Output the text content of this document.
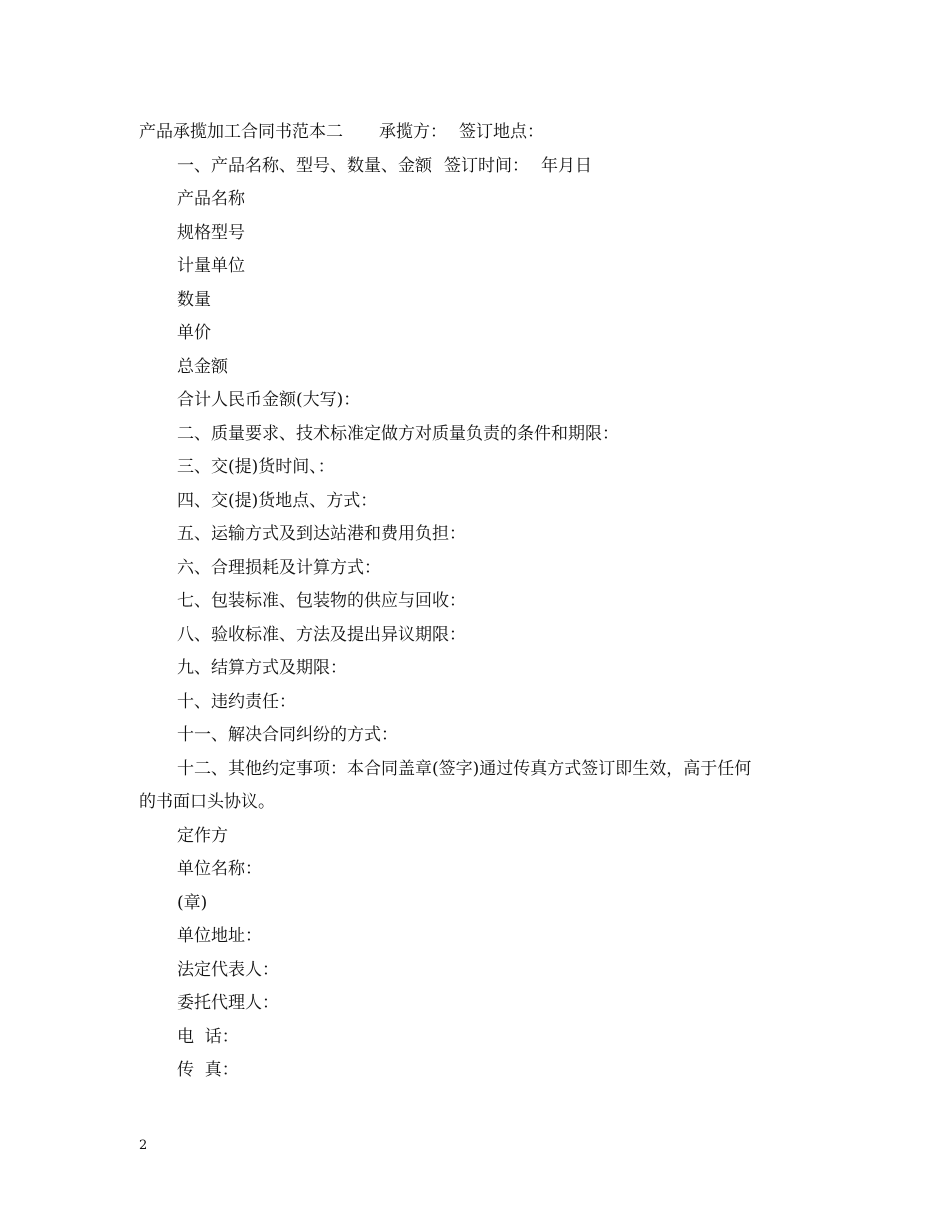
产品承揽加工合同书范本二 承揽方： 签订地点：
一、产品名称、型号、数量、金额 签订时间： 年月日
产品名称
规格型号
计量单位
数量
单价
总金额
合计人民币金额(大写)：
二、质量要求、技术标准定做方对质量负责的条件和期限：
三、交(提)货时间、：
四、交(提)货地点、方式：
五、运输方式及到达站港和费用负担：
六、合理损耗及计算方式：
七、包装标准、包装物的供应与回收：
八、验收标准、方法及提出异议期限：
九、结算方式及期限：
十、违约责任：
十一、解决合同纠纷的方式：
十二、其他约定事项：本合同盖章(签字)通过传真方式签订即生效，高于任何
的书面口头协议。
定作方
单位名称：
(章)
单位地址：
法定代表人：
委托代理人：
电  话：
传  真：
2
